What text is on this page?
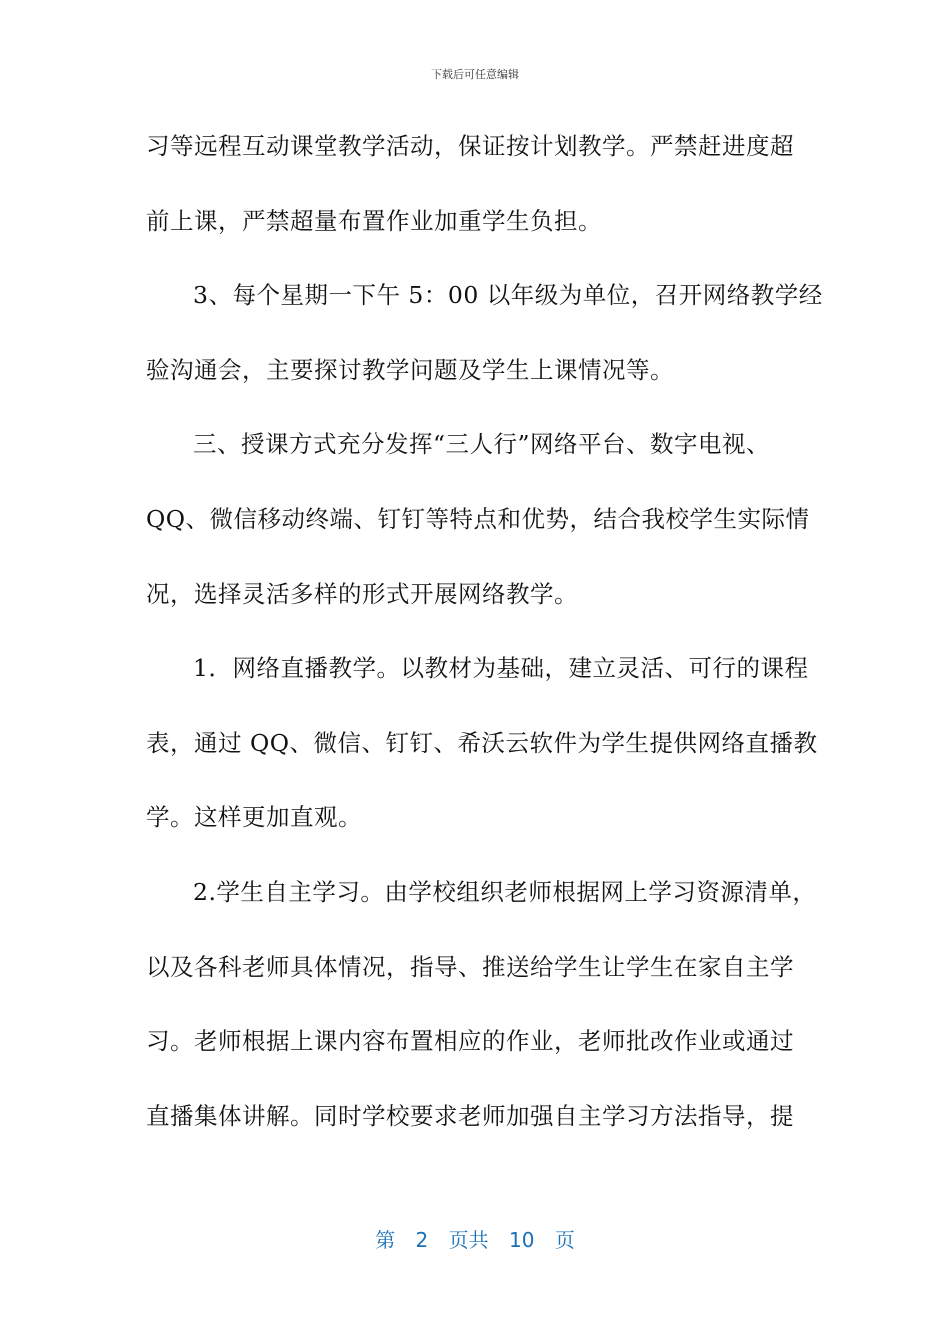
下载后可任意编辑
习等远程互动课堂教学活动，保证按计划教学。严禁赶进度超
前上课，严禁超量布置作业加重学生负担。
3、每个星期一下午 5：00 以年级为单位，召开网络教学经
验沟通会，主要探讨教学问题及学生上课情况等。
三、授课方式充分发挥“三人行”网络平台、数字电视、
QQ、微信移动终端、钉钉等特点和优势，结合我校学生实际情
况，选择灵活多样的形式开展网络教学。
1．网络直播教学。以教材为基础，建立灵活、可行的课程
表，通过 QQ、微信、钉钉、希沃云软件为学生提供网络直播教
学。这样更加直观。
2.学生自主学习。由学校组织老师根据网上学习资源清单，
以及各科老师具体情况，指导、推送给学生让学生在家自主学
习。老师根据上课内容布置相应的作业，老师批改作业或通过
直播集体讲解。同时学校要求老师加强自主学习方法指导，提
第 2 页共 10 页
